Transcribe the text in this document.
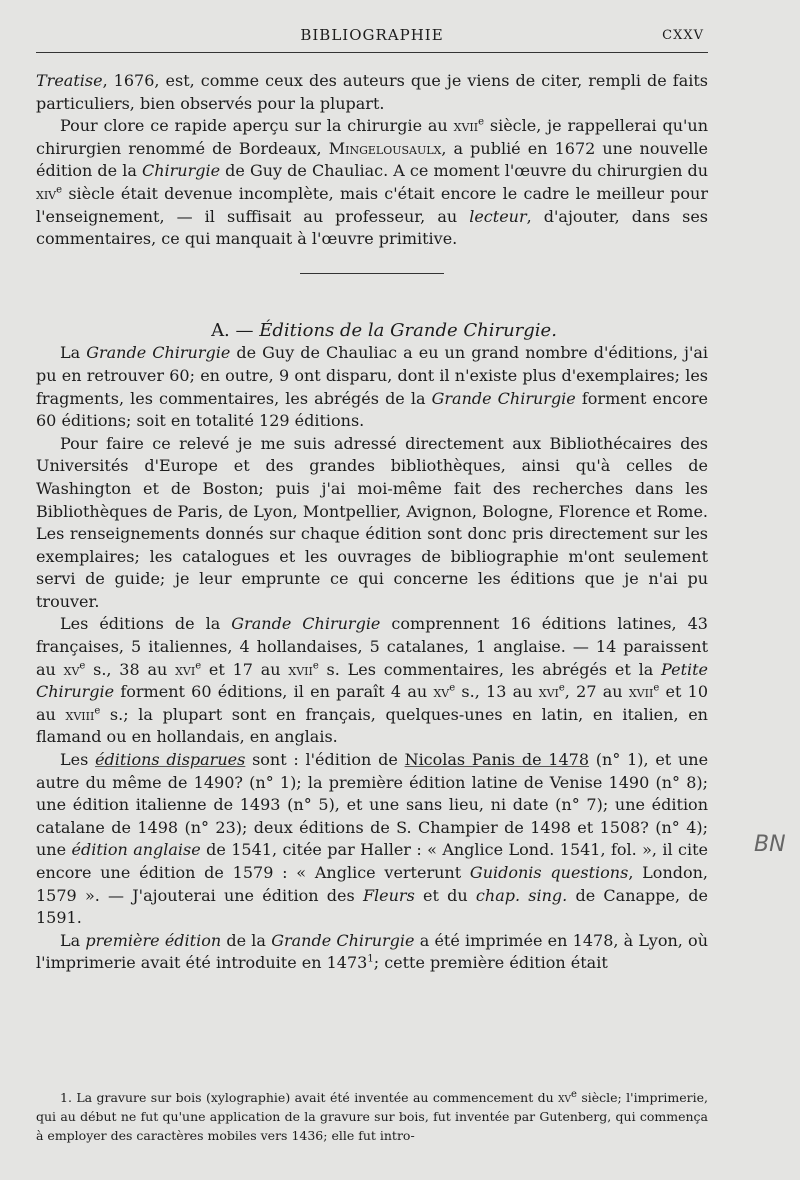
BIBLIOGRAPHIE	CXXV

Treatise, 1676, est, comme ceux des auteurs que je viens de citer, rempli de faits particuliers, bien observés pour la plupart.

Pour clore ce rapide aperçu sur la chirurgie au xvii$^e$ siècle, je rappellerai qu'un chirurgien renommé de Bordeaux, Mingelousaulx, a publié en 1672 une nouvelle édition de la Chirurgie de Guy de Chauliac. A ce moment l'œuvre du chirurgien du xiv$^e$ siècle était devenue incomplète, mais c'était encore le cadre le meilleur pour l'enseignement, — il suffisait au professeur, au lecteur, d'ajouter, dans ses commentaires, ce qui manquait à l'œuvre primitive.

A. — Éditions de la Grande Chirurgie.

La Grande Chirurgie de Guy de Chauliac a eu un grand nombre d'éditions, j'ai pu en retrouver 60; en outre, 9 ont disparu, dont il n'existe plus d'exemplaires; les fragments, les commentaires, les abrégés de la Grande Chirurgie forment encore 60 éditions; soit en totalité 129 éditions.

Pour faire ce relevé je me suis adressé directement aux Bibliothécaires des Universités d'Europe et des grandes bibliothèques, ainsi qu'à celles de Washington et de Boston; puis j'ai moi-même fait des recherches dans les Bibliothèques de Paris, de Lyon, Montpellier, Avignon, Bologne, Florence et Rome. Les renseignements donnés sur chaque édition sont donc pris directement sur les exemplaires; les catalogues et les ouvrages de bibliographie m'ont seulement servi de guide; je leur emprunte ce qui concerne les éditions que je n'ai pu trouver.

Les éditions de la Grande Chirurgie comprennent 16 éditions latines, 43 françaises, 5 italiennes, 4 hollandaises, 5 catalanes, 1 anglaise. — 14 paraissent au $xv^e$ s., 38 au xvi$^e$ et 17 au xvii$^e$ s. Les commentaires, les abrégés et la Petite Chirurgie forment 60 éditions, il en paraît 4 au $xv^e$ s., 13 au xvi$^e$, 27 au xvii$^e$ et 10 au xviii$^e$ s.; la plupart sont en français, quelques-unes en latin, en italien, en flamand ou en hollandais, en anglais.

Les éditions disparues sont : l'édition de Nicolas Panis de 1478 (n° 1), et une autre du même de 1490? (n° 1); la première édition latine de Venise 1490 (n° 8); une édition italienne de 1493 (n° 5), et une sans lieu, ni date (n° 7); une édition catalane de 1498 (n° 23); deux éditions de S. Champier de 1498 et 1508? (n° 4); une édition anglaise de 1541, citée par Haller : « Anglice Lond. 1541, fol. », il cite encore une édition de 1579 : « Anglice verterunt Guidonis questions, London, 1579 ». — J'ajouterai une édition des Fleurs et du chap. sing. de Canappe, de 1591.

La première édition de la Grande Chirurgie a été imprimée en 1478, à Lyon, où l'imprimerie avait été introduite en 1473$^1$; cette première édition était

1. La gravure sur bois (xylographie) avait été inventée au commencement du $xv^e$ siècle; l'imprimerie, qui au début ne fut qu'une application de la gravure sur bois, fut inventée par Gutenberg, qui commença à employer des caractères mobiles vers 1436; elle fut intro-

BN
